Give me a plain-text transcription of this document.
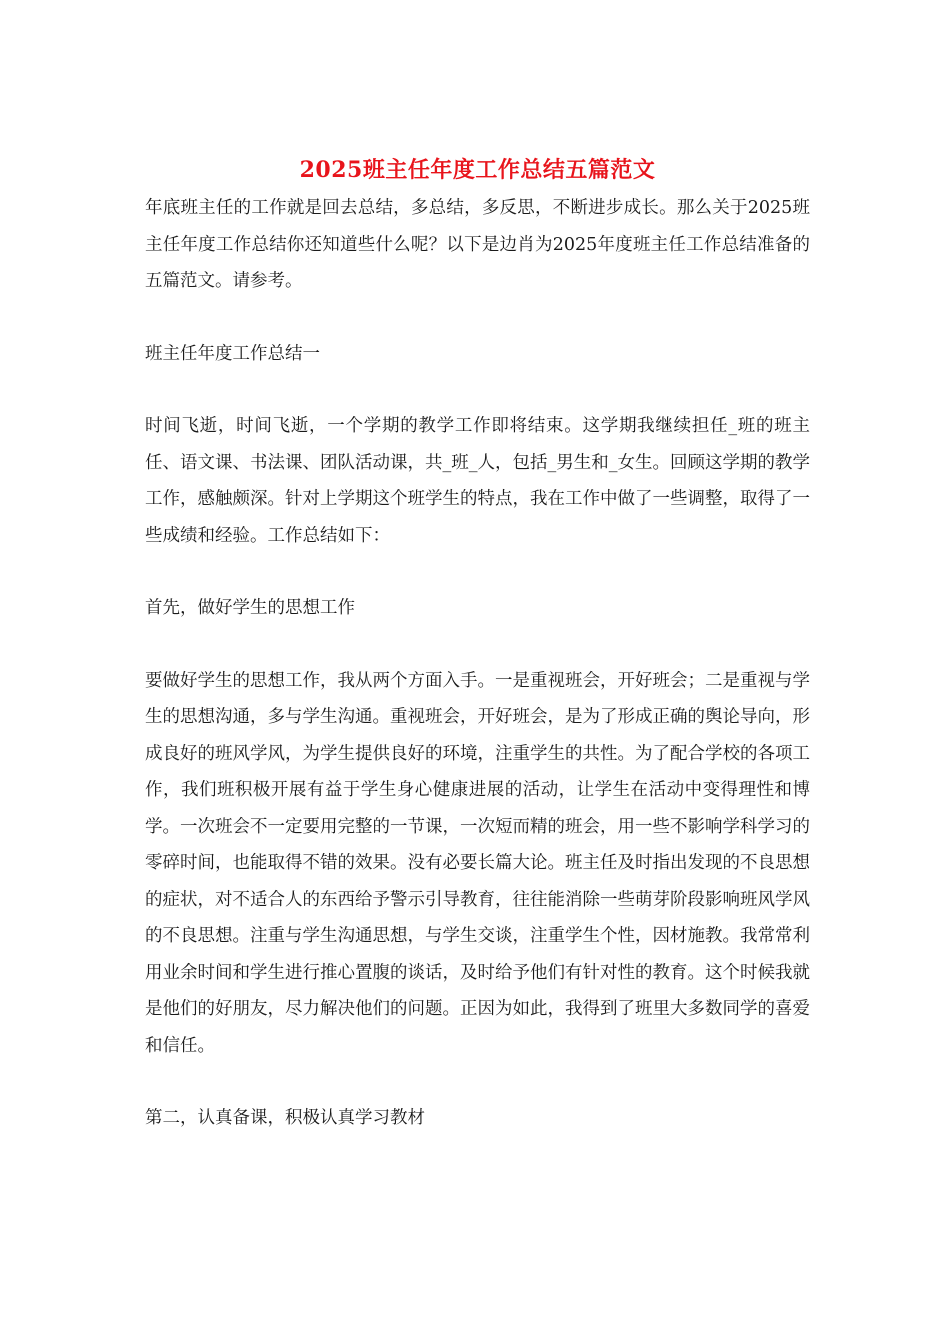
2025班主任年度工作总结五篇范文

年底班主任的工作就是回去总结，多总结，多反思，不断进步成长。那么关于2025班主任年度工作总结你还知道些什么呢？以下是边肖为2025年度班主任工作总结准备的五篇范文。请参考。

班主任年度工作总结一

时间飞逝，时间飞逝，一个学期的教学工作即将结束。这学期我继续担任_班的班主任、语文课、书法课、团队活动课，共_班_人，包括_男生和_女生。回顾这学期的教学工作，感触颇深。针对上学期这个班学生的特点，我在工作中做了一些调整，取得了一些成绩和经验。工作总结如下：

首先，做好学生的思想工作

要做好学生的思想工作，我从两个方面入手。一是重视班会，开好班会；二是重视与学生的思想沟通，多与学生沟通。重视班会，开好班会，是为了形成正确的舆论导向，形成良好的班风学风，为学生提供良好的环境，注重学生的共性。为了配合学校的各项工作，我们班积极开展有益于学生身心健康进展的活动，让学生在活动中变得理性和博学。一次班会不一定要用完整的一节课，一次短而精的班会，用一些不影响学科学习的零碎时间，也能取得不错的效果。没有必要长篇大论。班主任及时指出发现的不良思想的症状，对不适合人的东西给予警示引导教育，往往能消除一些萌芽阶段影响班风学风的不良思想。注重与学生沟通思想，与学生交谈，注重学生个性，因材施教。我常常利用业余时间和学生进行推心置腹的谈话，及时给予他们有针对性的教育。这个时候我就是他们的好朋友，尽力解决他们的问题。正因为如此，我得到了班里大多数同学的喜爱和信任。

第二，认真备课，积极认真学习教材
